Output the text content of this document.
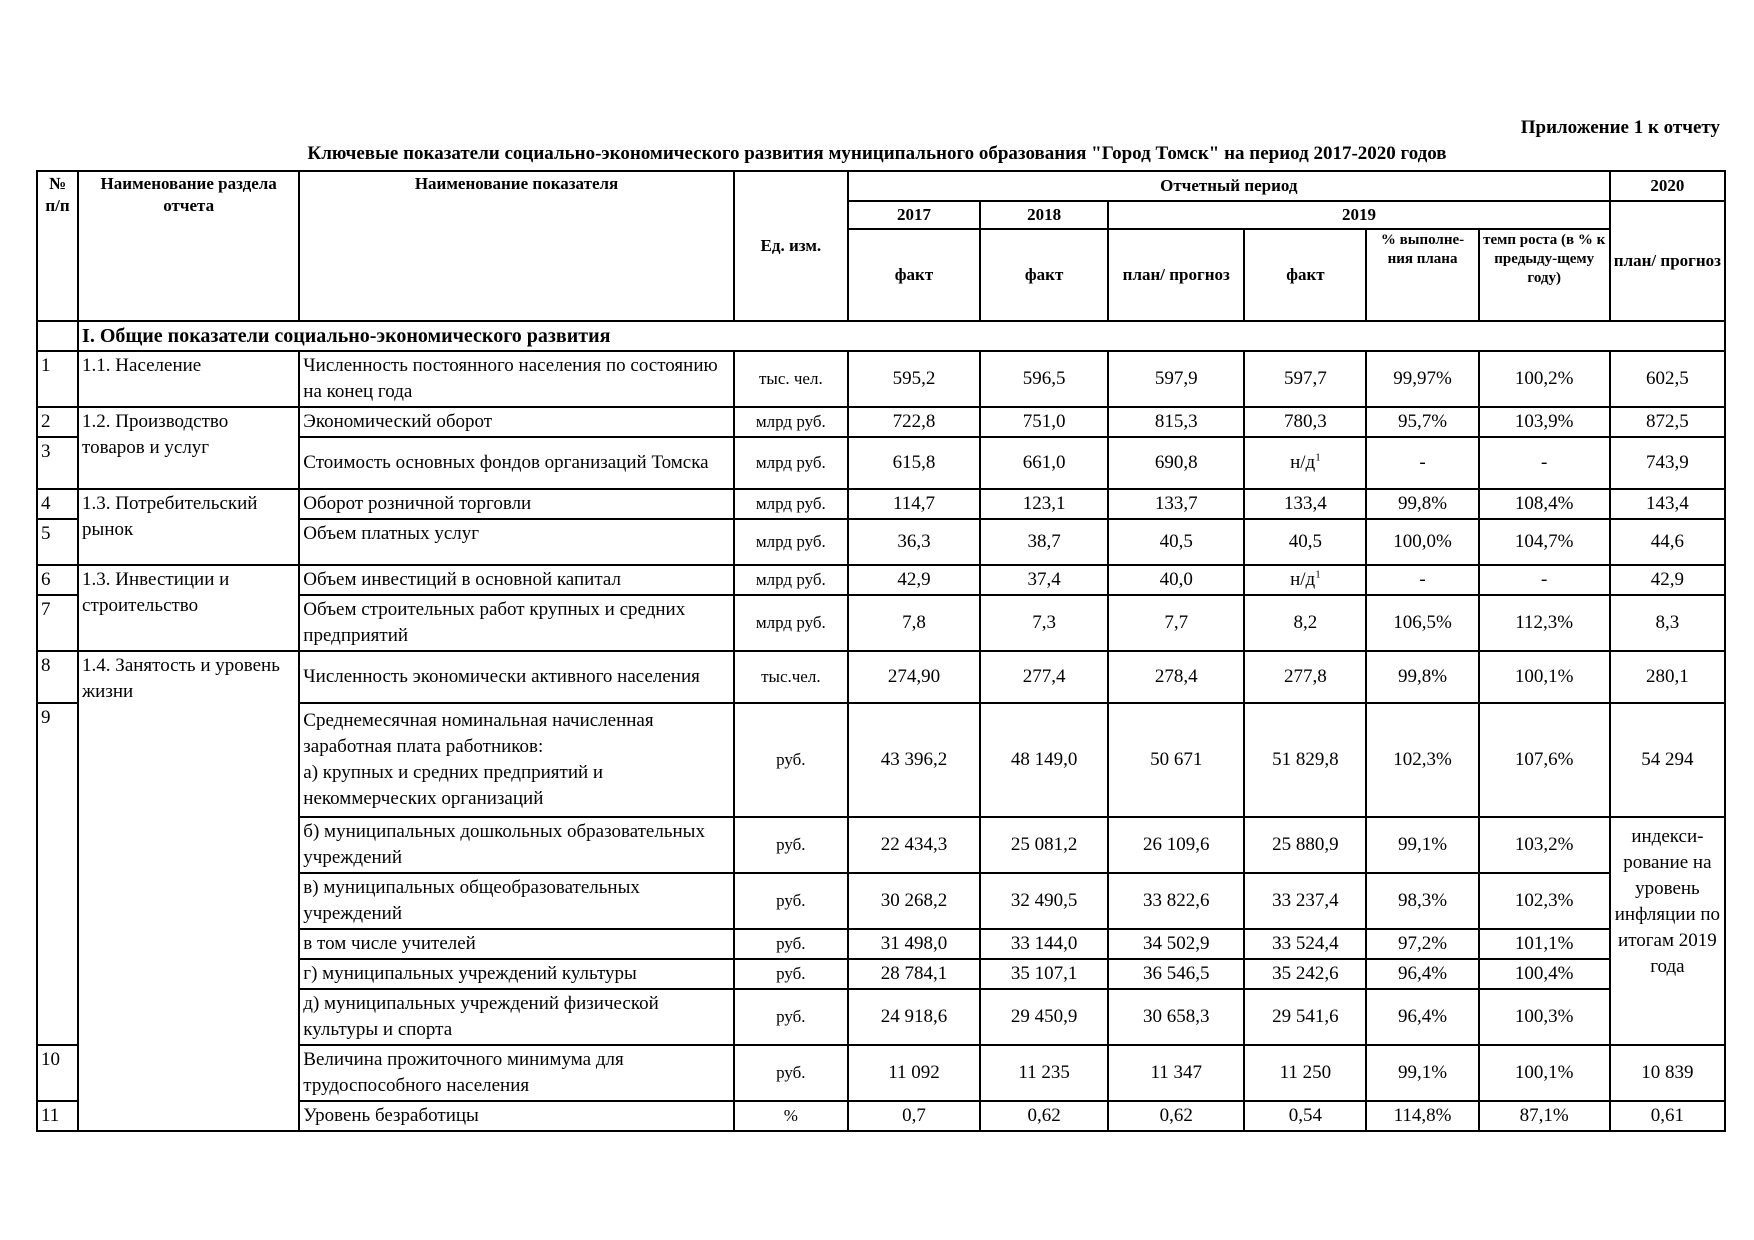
Приложение 1 к отчету
Ключевые показатели социально-экономического развития муниципального образования "Город Томск" на период 2017-2020 годов
№ п/п	Наименование раздела отчета	Наименование показателя	Ед. изм.	Отчетный период						2020
				2017	2018	2019				план/ прогноз
				факт	факт	план/ прогноз	факт	% выполне-ния плана	темп роста (в % к предыду-щему году)	
	I. Общие показатели социально-экономического развития									
1	1.1. Население	Численность постоянного населения по состоянию на конец года	тыс. чел.	595,2	596,5	597,9	597,7	99,97%	100,2%	602,5
2	1.2. Производство товаров и услуг	Экономический оборот	млрд руб.	722,8	751,0	815,3	780,3	95,7%	103,9%	872,5
3		Стоимость основных фондов организаций Томска	млрд руб.	615,8	661,0	690,8	$н/д^1$	-	-	743,9
4	1.3. Потребительский рынок	Оборот розничной торговли	млрд руб.	114,7	123,1	133,7	133,4	99,8%	108,4%	143,4
5		Объем платных услуг	млрд руб.	36,3	38,7	40,5	40,5	100,0%	104,7%	44,6
6	1.3. Инвестиции и строительство	Объем инвестиций в основной капитал	млрд руб.	42,9	37,4	40,0	$н/д^1$	-	-	42,9
7		Объем строительных работ крупных и средних предприятий	млрд руб.	7,8	7,3	7,7	8,2	106,5%	112,3%	8,3
8	1.4. Занятость и уровень жизни	Численность экономически активного населения	тыс.чел.	274,90	277,4	278,4	277,8	99,8%	100,1%	280,1
9		Среднемесячная номинальная начисленная заработная плата работников:
а) крупных и средних предприятий и некоммерческих организаций	руб.	43 396,2	48 149,0	50 671	51 829,8	102,3%	107,6%	54 294
		б) муниципальных дошкольных образовательных учреждений	руб.	22 434,3	25 081,2	26 109,6	25 880,9	99,1%	103,2%	индекси-рование на уровень инфляции по итогам 2019 года
		в) муниципальных общеобразовательных учреждений	руб.	30 268,2	32 490,5	33 822,6	33 237,4	98,3%	102,3%	
		в том числе учителей	руб.	31 498,0	33 144,0	34 502,9	33 524,4	97,2%	101,1%	
		г) муниципальных учреждений культуры	руб.	28 784,1	35 107,1	36 546,5	35 242,6	96,4%	100,4%	
		д) муниципальных учреждений физической культуры и спорта	руб.	24 918,6	29 450,9	30 658,3	29 541,6	96,4%	100,3%	
10		Величина прожиточного минимума для трудоспособного населения	руб.	11 092	11 235	11 347	11 250	99,1%	100,1%	10 839
11		Уровень безработицы	%	0,7	0,62	0,62	0,54	114,8%	87,1%	0,61
